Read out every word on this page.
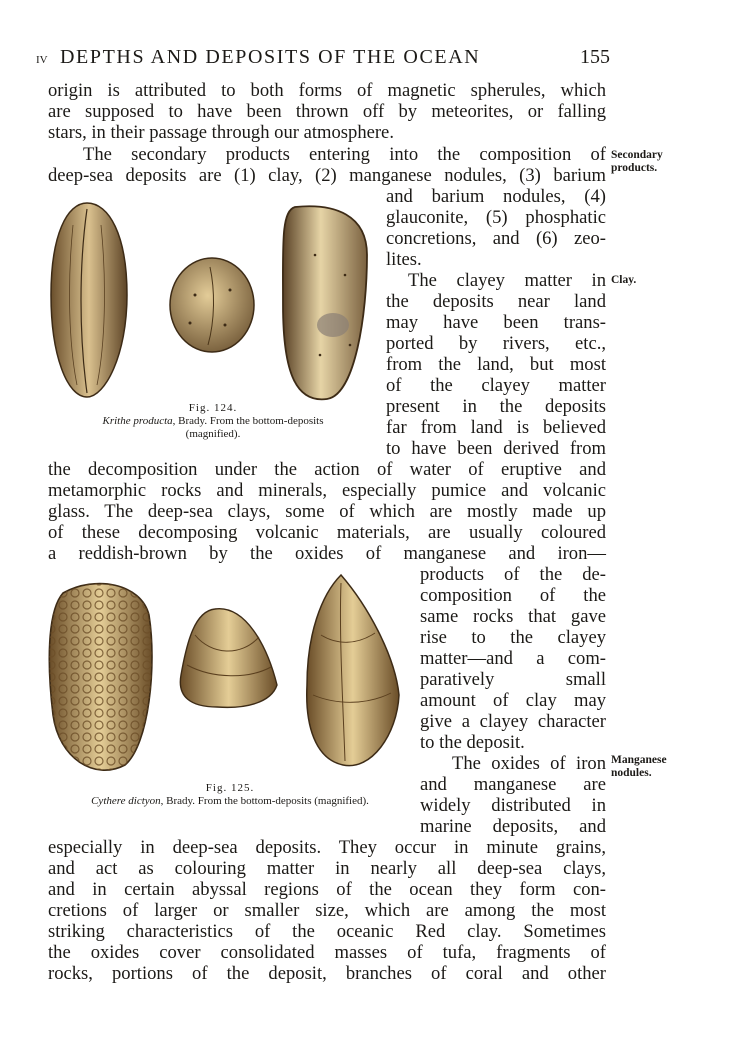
IV DEPTHS AND DEPOSITS OF THE OCEAN	155
Fig. 124.
Krithe producta, Brady. From the bottom-deposits
(magnified).
Fig. 125.
Cythere dictyon, Brady. From the bottom-deposits (magnified).
Secondary
products.
Clay.
Manganese
nodules.
origin is attributed to both forms of magnetic spherules, which
are supposed to have been thrown off by meteorites, or falling
stars, in their passage through our atmosphere.
The secondary products entering into the composition of
deep-sea deposits are (1) clay, (2) manganese nodules, (3) barium
and barium nodules, (4)
glauconite, (5) phosphatic
concretions, and (6) zeo-
lites.
The clayey matter in
the deposits near land
may have been trans-
ported by rivers, etc.,
from the land, but most
of the clayey matter
present in the deposits
far from land is believed
to have been derived from
the decomposition under the action of water of eruptive and
metamorphic rocks and minerals, especially pumice and volcanic
glass. The deep-sea clays, some of which are mostly made up
of these decomposing volcanic materials, are usually coloured
a reddish-brown by the oxides of manganese and iron—
products of the de-
composition of the
same rocks that gave
rise to the clayey
matter—and a com-
paratively small
amount of clay may
give a clayey character
to the deposit.
The oxides of iron
and manganese are
widely distributed in
marine deposits, and
especially in deep-sea deposits. They occur in minute grains,
and act as colouring matter in nearly all deep-sea clays,
and in certain abyssal regions of the ocean they form con-
cretions of larger or smaller size, which are among the most
striking characteristics of the oceanic Red clay. Sometimes
the oxides cover consolidated masses of tufa, fragments of
rocks, portions of the deposit, branches of coral and other
